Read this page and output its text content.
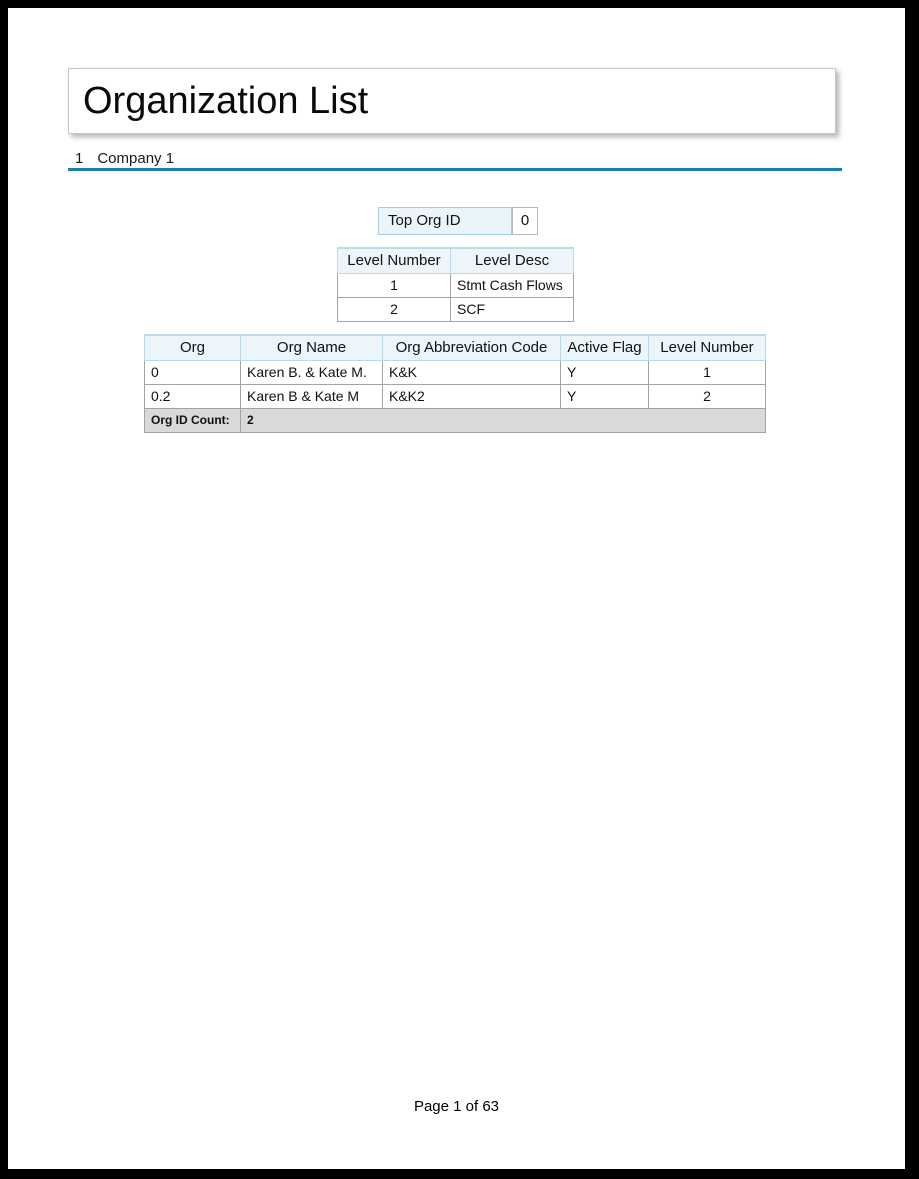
Organization List
1 Company 1
Top Org ID	0
Level Number	Level Desc
1	Stmt Cash Flows
2	SCF
Org	Org Name	Org Abbreviation Code	Active Flag	Level Number
0	Karen B. & Kate M.	K&K	Y	1
0.2	Karen B & Kate M	K&K2	Y	2
Org ID Count:	2			
Page 1 of 63
